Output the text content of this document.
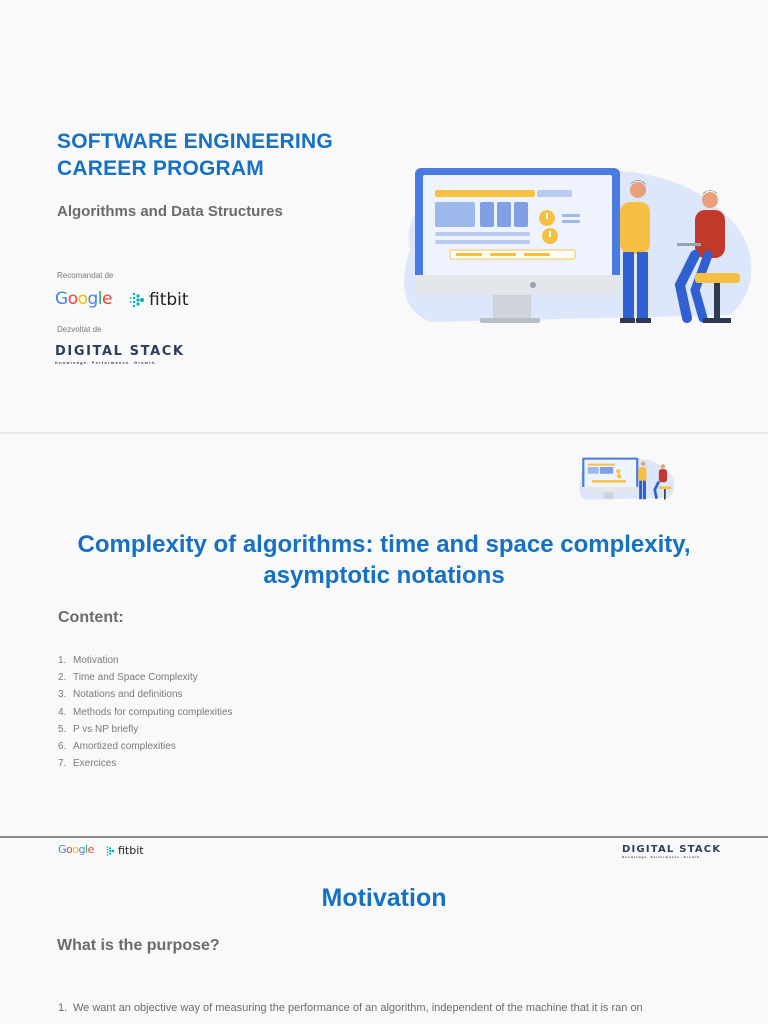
SOFTWARE ENGINEERING
CAREER PROGRAM
Algorithms and Data Structures
Recomandat de
Google fitbit
Dezvoltat de
DIGITAL STACK
Knowledge. Performance. Growth.
Complexity of algorithms: time and space complexity,
asymptotic notations
Content:
1. Motivation
2. Time and Space Complexity
3. Notations and definitions
4. Methods for computing complexities
5. P vs NP briefly
6. Amortized complexities
7. Exercices
Google fitbit	DIGITAL STACK
Knowledge. Performance. Growth.
Motivation
What is the purpose?
1. We want an objective way of measuring the performance of an algorithm, independent of the machine that it is ran on
